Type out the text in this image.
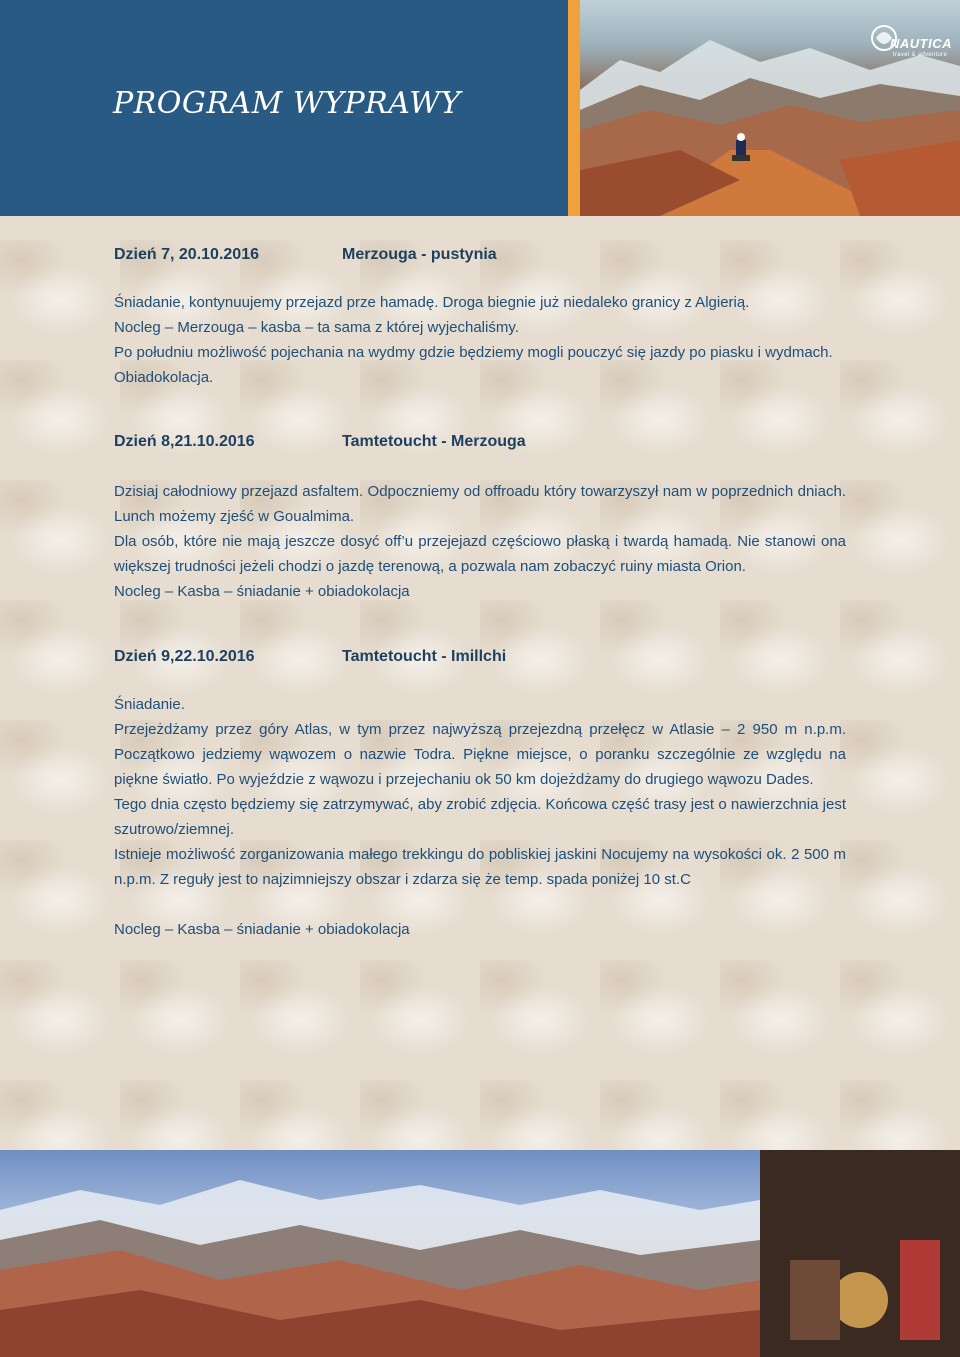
PROGRAM WYPRAWY
NAUTICA
travel & adventure
Dzień 7, 20.10.2016	Merzouga - pustynia

Śniadanie, kontynuujemy przejazd prze hamadę. Droga biegnie już niedaleko granicy z Algierią.

Nocleg – Merzouga – kasba – ta sama z której wyjechaliśmy.

Po południu możliwość pojechania na wydmy gdzie będziemy mogli pouczyć się jazdy po piasku i wydmach.

Obiadokolacja.

Dzień 8,21.10.2016	Tamtetoucht - Merzouga

Dzisiaj całodniowy przejazd asfaltem. Odpoczniemy od offroadu który towarzyszył nam w poprzednich dniach. Lunch możemy zjeść w Goualmima.

Dla osób, które nie mają jeszcze dosyć off’u przejejazd częściowo płaską i twardą hamadą. Nie stanowi ona większej trudności jeżeli chodzi o jazdę terenową, a pozwala nam zobaczyć ruiny miasta Orion.

Nocleg – Kasba – śniadanie + obiadokolacja

Dzień 9,22.10.2016	Tamtetoucht - Imillchi

Śniadanie.

Przejeżdżamy przez góry Atlas, w tym przez najwyższą przejezdną przełęcz w Atlasie – 2 950 m n.p.m. Początkowo jedziemy wąwozem o nazwie Todra. Piękne miejsce, o poranku szczególnie ze względu na piękne światło. Po wyjeździe z wąwozu i przejechaniu ok 50 km dojeżdżamy do drugiego wąwozu Dades.

Tego dnia często będziemy się zatrzymywać, aby zrobić zdjęcia. Końcowa część trasy jest o nawierzchnia jest szutrowo/ziemnej.

Istnieje możliwość zorganizowania małego trekkingu do pobliskiej jaskini Nocujemy na wysokości ok. 2 500 m n.p.m. Z reguły jest to najzimniejszy obszar i zdarza się że temp. spada poniżej 10 st.C

Nocleg – Kasba – śniadanie + obiadokolacja
